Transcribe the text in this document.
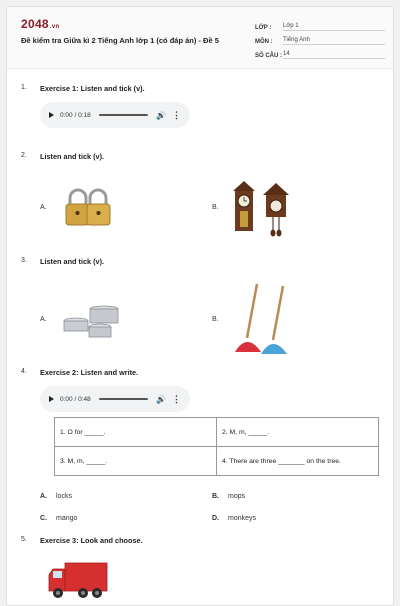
2048.vn
Đề kiểm tra Giữa kì 2 Tiếng Anh lớp 1 (có đáp án) - Đề 5
LỚP :	Lớp 1
MÔN :	Tiếng Anh
SỐ CÂU : 14
1. Exercise 1: Listen and tick (v).
0:00 / 0:18	🔊 ⋮
2. Listen and tick (v).
A.	B.
3. Listen and tick (v).
A.	B.
4. Exercise 2: Listen and write.
0:00 / 0:48	🔊 ⋮
1. O for _____.	2. M, m, _____.
3. M, m, _____.	4. There are three _______ on the tree.
A. locks	B. mops
C. mango	D. monkeys
5. Exercise 3: Look and choose.
